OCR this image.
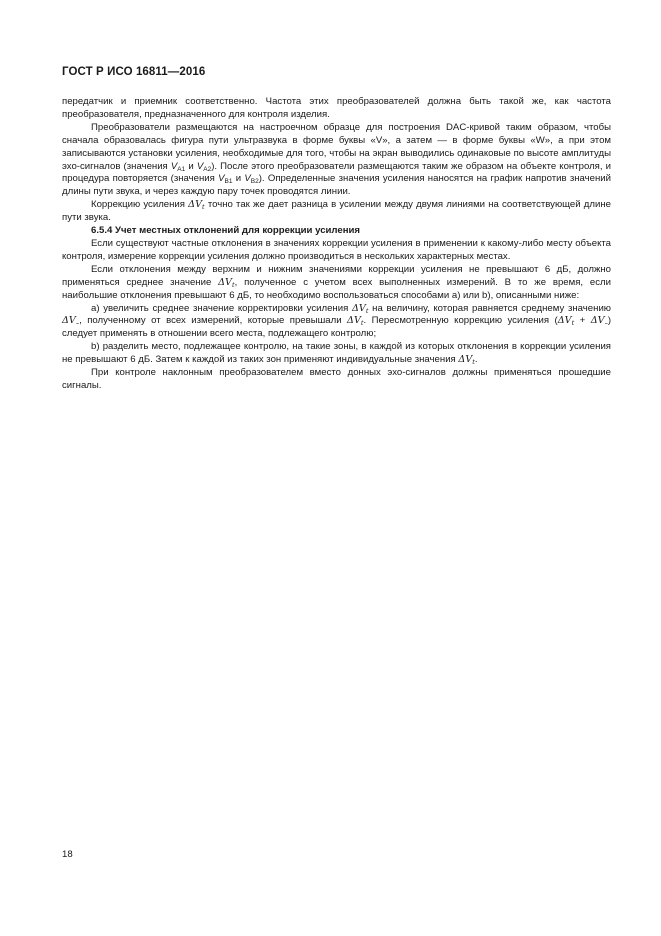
ГОСТ Р ИСО 16811—2016

передатчик и приемник соответственно. Частота этих преобразователей должна быть такой же, как частота преобразователя, предназначенного для контроля изделия.

Преобразователи размещаются на настроечном образце для построения DAC-кривой таким образом, чтобы сначала образовалась фигура пути ультразвука в форме буквы «V», а затем — в форме буквы «W», а при этом записываются установки усиления, необходимые для того, чтобы на экран выводились одинаковые по высоте амплитуды эхо-сигналов (значения $V_{A1}$ и $V_{A2}$). После этого преобразователи размещаются таким же образом на объекте контроля, и процедура повторяется (значения $V_{B1}$ и $V_{B2}$). Определенные значения усиления наносятся на график напротив значений длины пути звука, и через каждую пару точек проводятся линии.

Коррекцию усиления $\Delta V_t$ точно так же дает разница в усилении между двумя линиями на соответствующей длине пути звука.

6.5.4 Учет местных отклонений для коррекции усиления

Если существуют частные отклонения в значениях коррекции усиления в применении к какому-либо месту объекта контроля, измерение коррекции усиления должно производиться в нескольких характерных местах.

Если отклонения между верхним и нижним значениями коррекции усиления не превышают 6 дБ, должно применяться среднее значение $\Delta V_t$, полученное с учетом всех выполненных измерений. В то же время, если наибольшие отклонения превышают 6 дБ, то необходимо воспользоваться способами а) или b), описанными ниже:

а) увеличить среднее значение корректировки усиления $\Delta V_t$ на величину, которая равняется среднему значению $\Delta V_-$, полученному от всех измерений, которые превышали $\Delta V_t$. Пересмотренную коррекцию усиления $(\Delta V_t + \Delta V_-)$ следует применять в отношении всего места, подлежащего контролю;

b) разделить место, подлежащее контролю, на такие зоны, в каждой из которых отклонения в коррекции усиления не превышают 6 дБ. Затем к каждой из таких зон применяют индивидуальные значения $\Delta V_t$.

При контроле наклонным преобразователем вместо донных эхо-сигналов должны применяться прошедшие сигналы.

18
